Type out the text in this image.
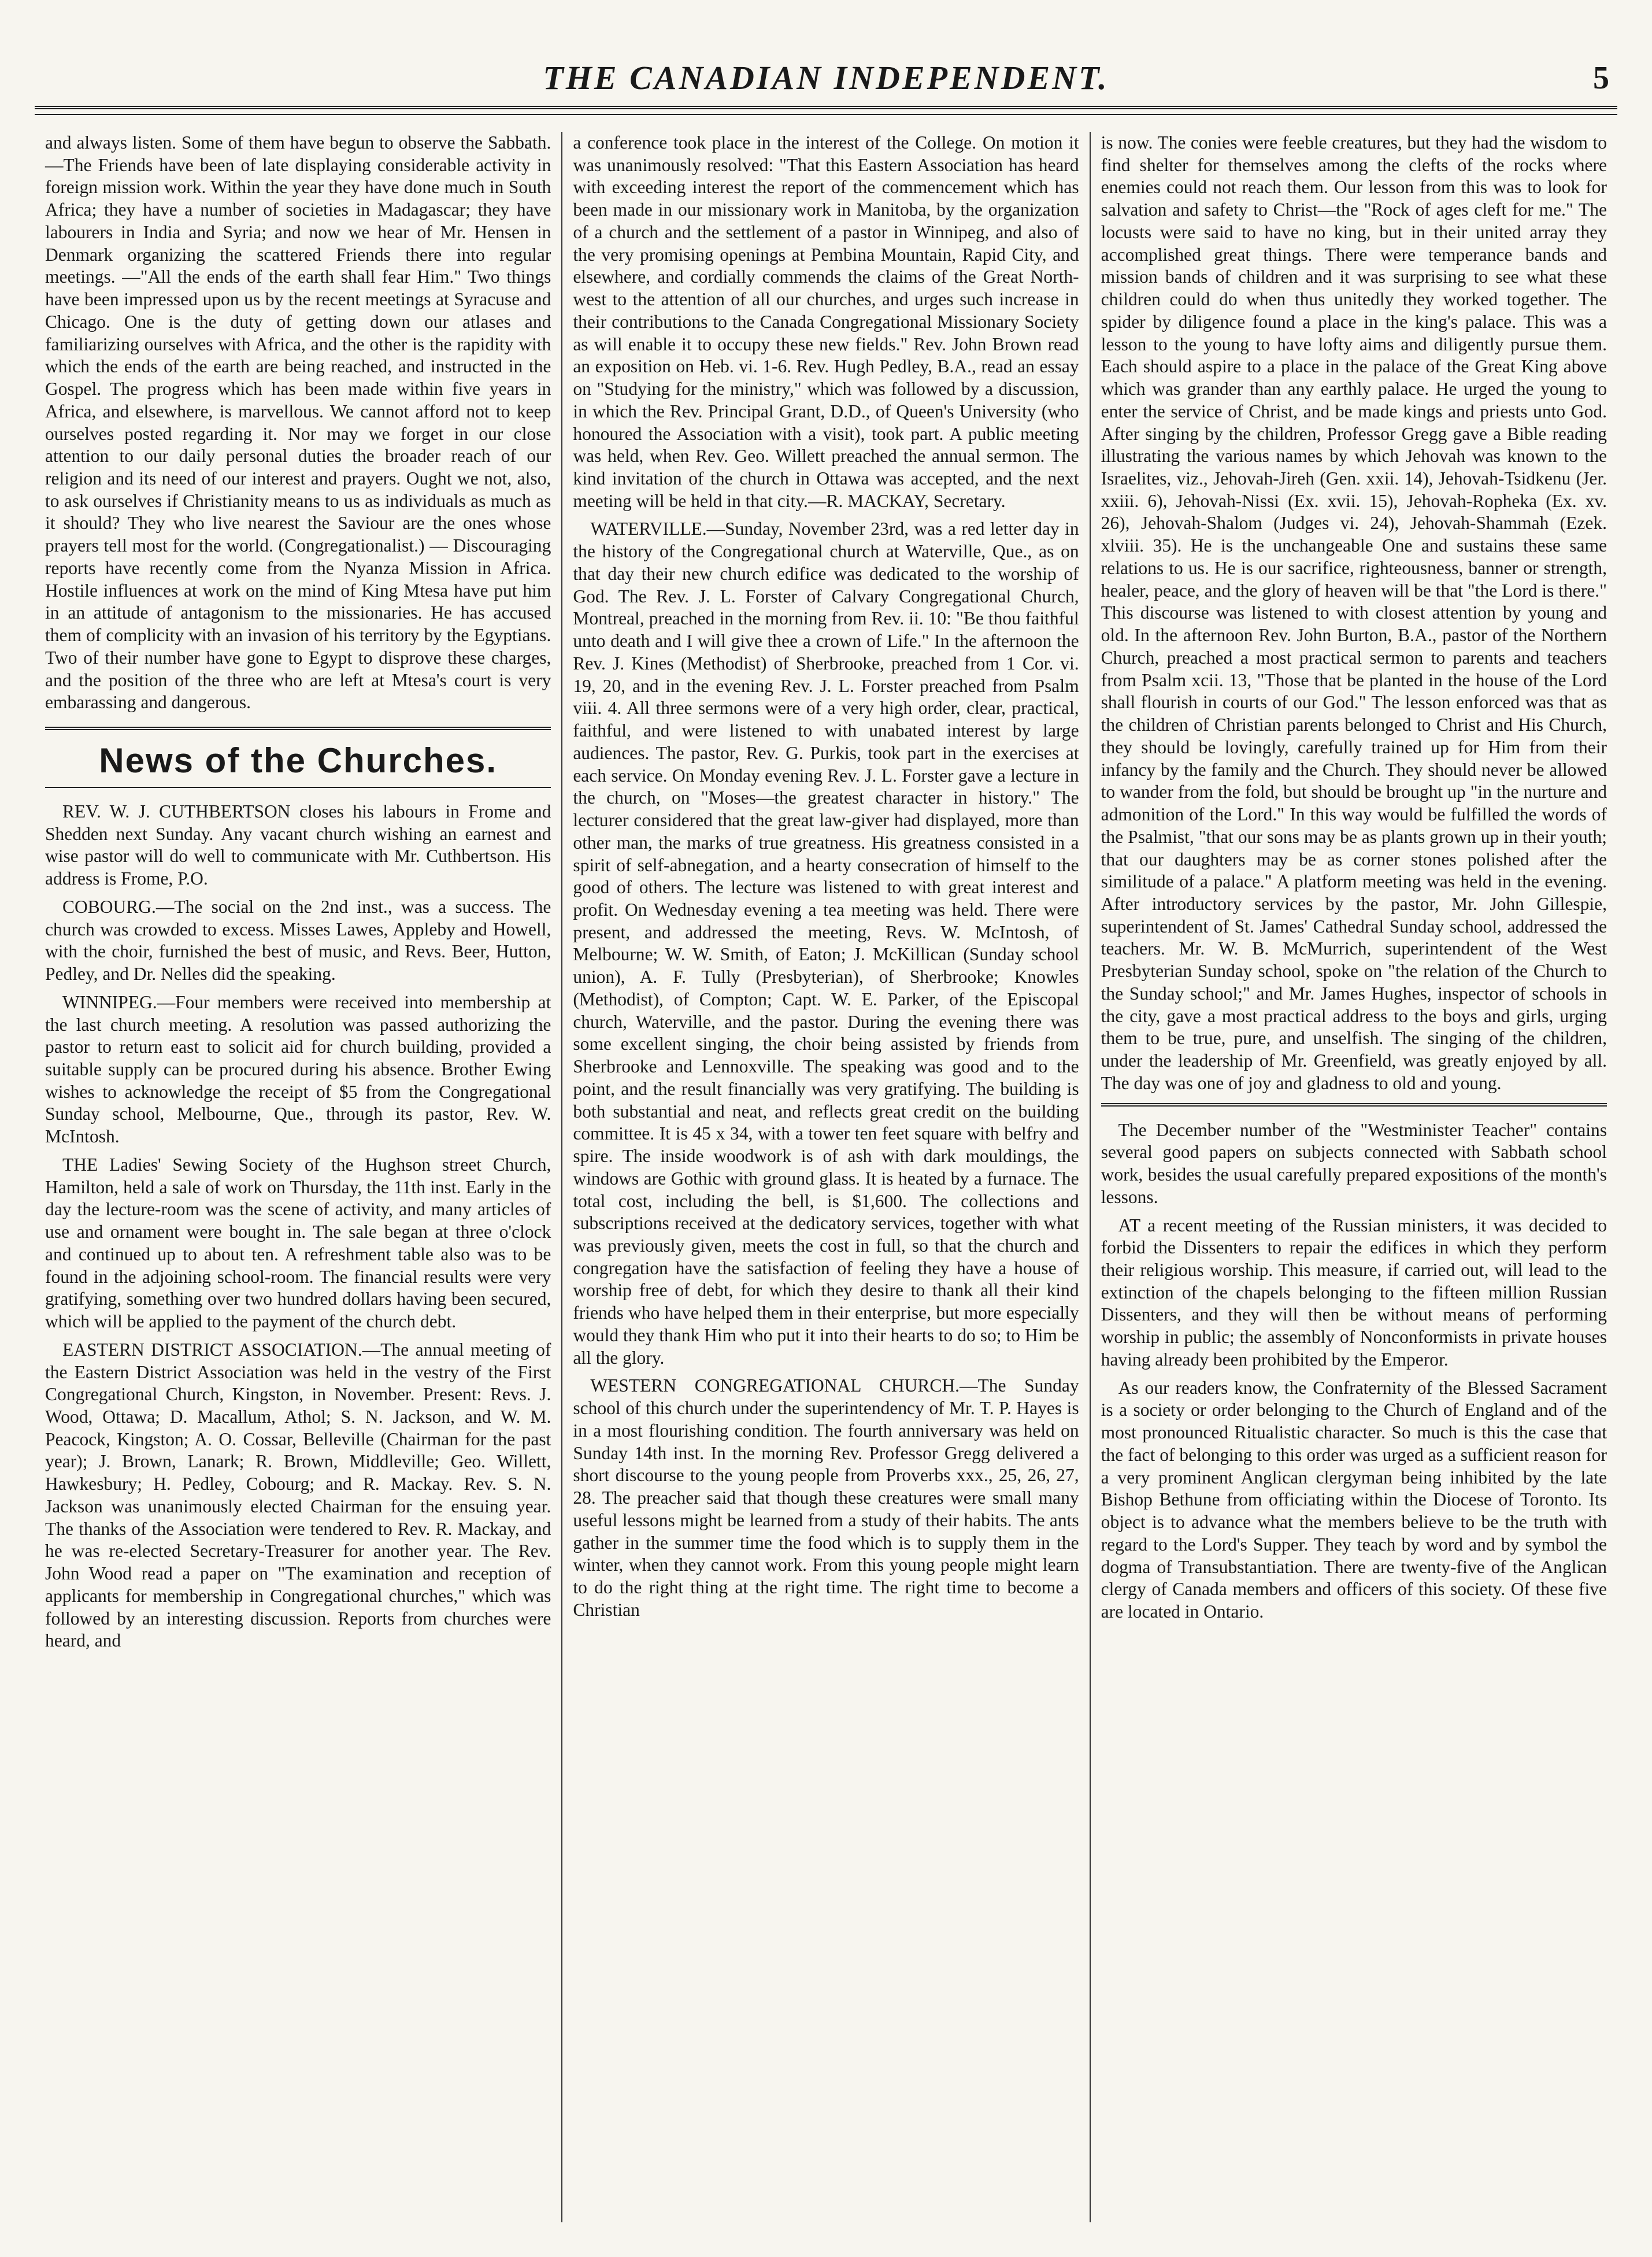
THE CANADIAN INDEPENDENT.	5

and always listen. Some of them have begun to observe the Sabbath.—The Friends have been of late displaying considerable activity in foreign mission work. Within the year they have done much in South Africa; they have a number of societies in Madagascar; they have labourers in India and Syria; and now we hear of Mr. Hensen in Denmark organizing the scattered Friends there into regular meetings. —"All the ends of the earth shall fear Him." Two things have been impressed upon us by the recent meetings at Syracuse and Chicago. One is the duty of getting down our atlases and familiarizing ourselves with Africa, and the other is the rapidity with which the ends of the earth are being reached, and instructed in the Gospel. The progress which has been made within five years in Africa, and elsewhere, is marvellous. We cannot afford not to keep ourselves posted regarding it. Nor may we forget in our close attention to our daily personal duties the broader reach of our religion and its need of our interest and prayers. Ought we not, also, to ask ourselves if Christianity means to us as individuals as much as it should? They who live nearest the Saviour are the ones whose prayers tell most for the world. (Congregationalist.) — Discouraging reports have recently come from the Nyanza Mission in Africa. Hostile influences at work on the mind of King Mtesa have put him in an attitude of antagonism to the missionaries. He has accused them of complicity with an invasion of his territory by the Egyptians. Two of their number have gone to Egypt to disprove these charges, and the position of the three who are left at Mtesa's court is very embarassing and dangerous.

News of the Churches.

REV. W. J. CUTHBERTSON closes his labours in Frome and Shedden next Sunday. Any vacant church wishing an earnest and wise pastor will do well to communicate with Mr. Cuthbertson. His address is Frome, P.O.

COBOURG.—The social on the 2nd inst., was a success. The church was crowded to excess. Misses Lawes, Appleby and Howell, with the choir, furnished the best of music, and Revs. Beer, Hutton, Pedley, and Dr. Nelles did the speaking.

WINNIPEG.—Four members were received into membership at the last church meeting. A resolution was passed authorizing the pastor to return east to solicit aid for church building, provided a suitable supply can be procured during his absence. Brother Ewing wishes to acknowledge the receipt of $5 from the Congregational Sunday school, Melbourne, Que., through its pastor, Rev. W. McIntosh.

THE Ladies' Sewing Society of the Hughson street Church, Hamilton, held a sale of work on Thursday, the 11th inst. Early in the day the lecture-room was the scene of activity, and many articles of use and ornament were bought in. The sale began at three o'clock and continued up to about ten. A refreshment table also was to be found in the adjoining school-room. The financial results were very gratifying, something over two hundred dollars having been secured, which will be applied to the payment of the church debt.

EASTERN DISTRICT ASSOCIATION.—The annual meeting of the Eastern District Association was held in the vestry of the First Congregational Church, Kingston, in November. Present: Revs. J. Wood, Ottawa; D. Macallum, Athol; S. N. Jackson, and W. M. Peacock, Kingston; A. O. Cossar, Belleville (Chairman for the past year); J. Brown, Lanark; R. Brown, Middleville; Geo. Willett, Hawkesbury; H. Pedley, Cobourg; and R. Mackay. Rev. S. N. Jackson was unanimously elected Chairman for the ensuing year. The thanks of the Association were tendered to Rev. R. Mackay, and he was re-elected Secretary-Treasurer for another year. The Rev. John Wood read a paper on "The examination and reception of applicants for membership in Congregational churches," which was followed by an interesting discussion. Reports from churches were heard, and

a conference took place in the interest of the College. On motion it was unanimously resolved: "That this Eastern Association has heard with exceeding interest the report of the commencement which has been made in our missionary work in Manitoba, by the organization of a church and the settlement of a pastor in Winnipeg, and also of the very promising openings at Pembina Mountain, Rapid City, and elsewhere, and cordially commends the claims of the Great North-west to the attention of all our churches, and urges such increase in their contributions to the Canada Congregational Missionary Society as will enable it to occupy these new fields." Rev. John Brown read an exposition on Heb. vi. 1-6. Rev. Hugh Pedley, B.A., read an essay on "Studying for the ministry," which was followed by a discussion, in which the Rev. Principal Grant, D.D., of Queen's University (who honoured the Association with a visit), took part. A public meeting was held, when Rev. Geo. Willett preached the annual sermon. The kind invitation of the church in Ottawa was accepted, and the next meeting will be held in that city.—R. MACKAY, Secretary.

WATERVILLE.—Sunday, November 23rd, was a red letter day in the history of the Congregational church at Waterville, Que., as on that day their new church edifice was dedicated to the worship of God. The Rev. J. L. Forster of Calvary Congregational Church, Montreal, preached in the morning from Rev. ii. 10: "Be thou faithful unto death and I will give thee a crown of Life." In the afternoon the Rev. J. Kines (Methodist) of Sherbrooke, preached from 1 Cor. vi. 19, 20, and in the evening Rev. J. L. Forster preached from Psalm viii. 4. All three sermons were of a very high order, clear, practical, faithful, and were listened to with unabated interest by large audiences. The pastor, Rev. G. Purkis, took part in the exercises at each service. On Monday evening Rev. J. L. Forster gave a lecture in the church, on "Moses—the greatest character in history." The lecturer considered that the great law-giver had displayed, more than other man, the marks of true greatness. His greatness consisted in a spirit of self-abnegation, and a hearty consecration of himself to the good of others. The lecture was listened to with great interest and profit. On Wednesday evening a tea meeting was held. There were present, and addressed the meeting, Revs. W. McIntosh, of Melbourne; W. W. Smith, of Eaton; J. McKillican (Sunday school union), A. F. Tully (Presbyterian), of Sherbrooke; Knowles (Methodist), of Compton; Capt. W. E. Parker, of the Episcopal church, Waterville, and the pastor. During the evening there was some excellent singing, the choir being assisted by friends from Sherbrooke and Lennoxville. The speaking was good and to the point, and the result financially was very gratifying. The building is both substantial and neat, and reflects great credit on the building committee. It is 45 x 34, with a tower ten feet square with belfry and spire. The inside woodwork is of ash with dark mouldings, the windows are Gothic with ground glass. It is heated by a furnace. The total cost, including the bell, is $1,600. The collections and subscriptions received at the dedicatory services, together with what was previously given, meets the cost in full, so that the church and congregation have the satisfaction of feeling they have a house of worship free of debt, for which they desire to thank all their kind friends who have helped them in their enterprise, but more especially would they thank Him who put it into their hearts to do so; to Him be all the glory.

WESTERN CONGREGATIONAL CHURCH.—The Sunday school of this church under the superintendency of Mr. T. P. Hayes is in a most flourishing condition. The fourth anniversary was held on Sunday 14th inst. In the morning Rev. Professor Gregg delivered a short discourse to the young people from Proverbs xxx., 25, 26, 27, 28. The preacher said that though these creatures were small many useful lessons might be learned from a study of their habits. The ants gather in the summer time the food which is to supply them in the winter, when they cannot work. From this young people might learn to do the right thing at the right time. The right time to become a Christian

is now. The conies were feeble creatures, but they had the wisdom to find shelter for themselves among the clefts of the rocks where enemies could not reach them. Our lesson from this was to look for salvation and safety to Christ—the "Rock of ages cleft for me." The locusts were said to have no king, but in their united array they accomplished great things. There were temperance bands and mission bands of children and it was surprising to see what these children could do when thus unitedly they worked together. The spider by diligence found a place in the king's palace. This was a lesson to the young to have lofty aims and diligently pursue them. Each should aspire to a place in the palace of the Great King above which was grander than any earthly palace. He urged the young to enter the service of Christ, and be made kings and priests unto God. After singing by the children, Professor Gregg gave a Bible reading illustrating the various names by which Jehovah was known to the Israelites, viz., Jehovah-Jireh (Gen. xxii. 14), Jehovah-Tsidkenu (Jer. xxiii. 6), Jehovah-Nissi (Ex. xvii. 15), Jehovah-Ropheka (Ex. xv. 26), Jehovah-Shalom (Judges vi. 24), Jehovah-Shammah (Ezek. xlviii. 35). He is the unchangeable One and sustains these same relations to us. He is our sacrifice, righteousness, banner or strength, healer, peace, and the glory of heaven will be that "the Lord is there." This discourse was listened to with closest attention by young and old. In the afternoon Rev. John Burton, B.A., pastor of the Northern Church, preached a most practical sermon to parents and teachers from Psalm xcii. 13, "Those that be planted in the house of the Lord shall flourish in courts of our God." The lesson enforced was that as the children of Christian parents belonged to Christ and His Church, they should be lovingly, carefully trained up for Him from their infancy by the family and the Church. They should never be allowed to wander from the fold, but should be brought up "in the nurture and admonition of the Lord." In this way would be fulfilled the words of the Psalmist, "that our sons may be as plants grown up in their youth; that our daughters may be as corner stones polished after the similitude of a palace." A platform meeting was held in the evening. After introductory services by the pastor, Mr. John Gillespie, superintendent of St. James' Cathedral Sunday school, addressed the teachers. Mr. W. B. McMurrich, superintendent of the West Presbyterian Sunday school, spoke on "the relation of the Church to the Sunday school;" and Mr. James Hughes, inspector of schools in the city, gave a most practical address to the boys and girls, urging them to be true, pure, and unselfish. The singing of the children, under the leadership of Mr. Greenfield, was greatly enjoyed by all. The day was one of joy and gladness to old and young.

The December number of the "Westminister Teacher" contains several good papers on subjects connected with Sabbath school work, besides the usual carefully prepared expositions of the month's lessons.

AT a recent meeting of the Russian ministers, it was decided to forbid the Dissenters to repair the edifices in which they perform their religious worship. This measure, if carried out, will lead to the extinction of the chapels belonging to the fifteen million Russian Dissenters, and they will then be without means of performing worship in public; the assembly of Nonconformists in private houses having already been prohibited by the Emperor.

As our readers know, the Confraternity of the Blessed Sacrament is a society or order belonging to the Church of England and of the most pronounced Ritualistic character. So much is this the case that the fact of belonging to this order was urged as a sufficient reason for a very prominent Anglican clergyman being inhibited by the late Bishop Bethune from officiating within the Diocese of Toronto. Its object is to advance what the members believe to be the truth with regard to the Lord's Supper. They teach by word and by symbol the dogma of Transubstantiation. There are twenty-five of the Anglican clergy of Canada members and officers of this society. Of these five are located in Ontario.
